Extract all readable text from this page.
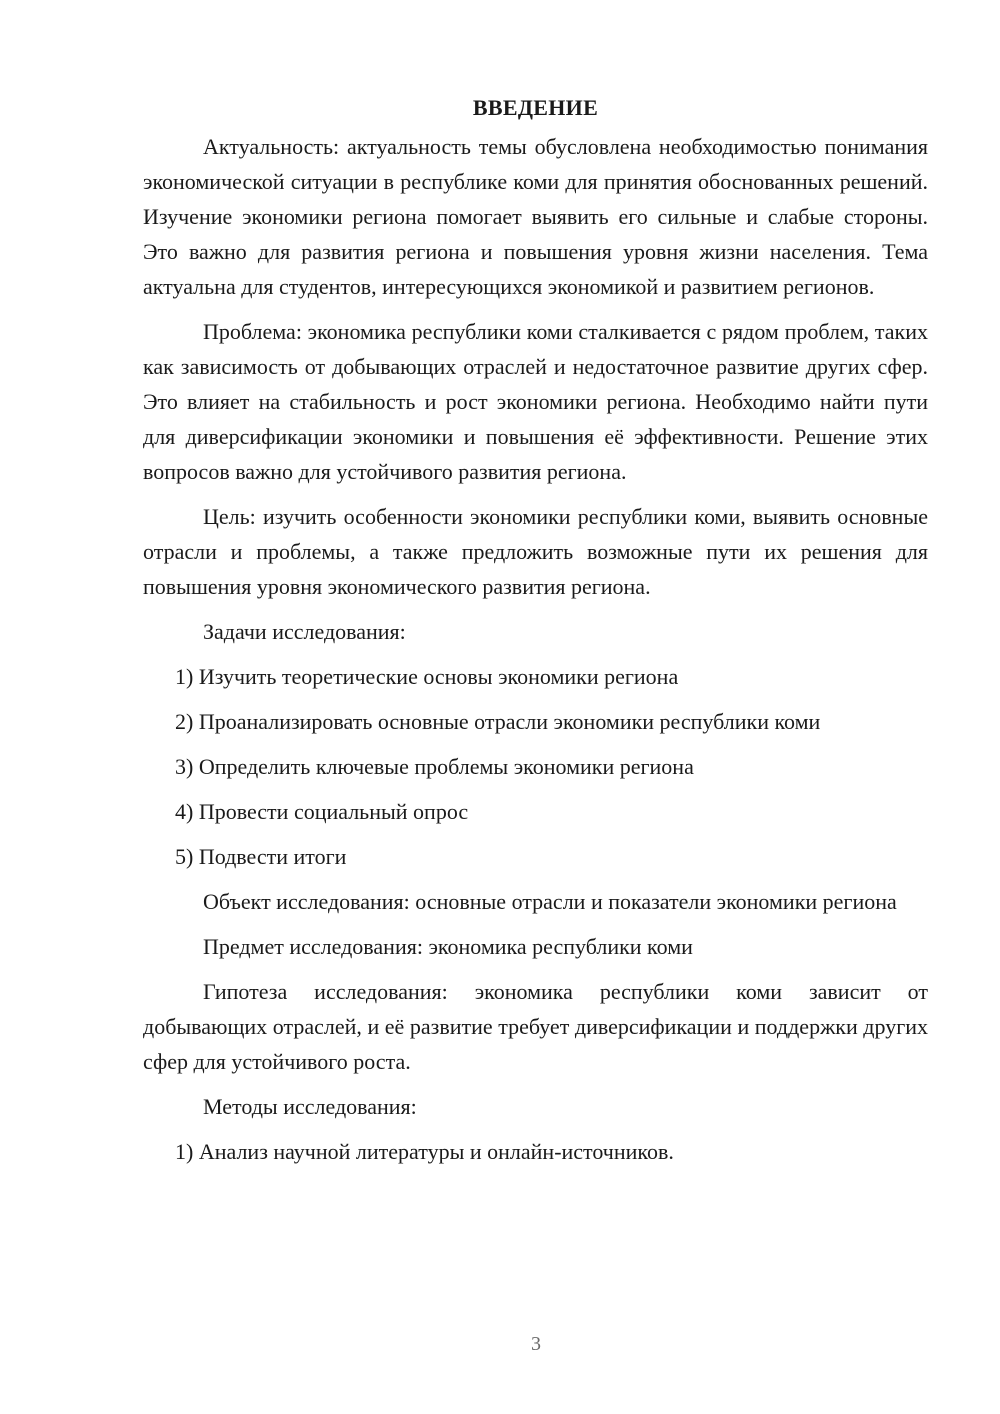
ВВЕДЕНИЕ
Актуальность: актуальность темы обусловлена необходимостью понимания экономической ситуации в республике коми для принятия обоснованных решений. Изучение экономики региона помогает выявить его сильные и слабые стороны. Это важно для развития региона и повышения уровня жизни населения. Тема актуальна для студентов, интересующихся экономикой и развитием регионов.
Проблема: экономика республики коми сталкивается с рядом проблем, таких как зависимость от добывающих отраслей и недостаточное развитие других сфер. Это влияет на стабильность и рост экономики региона. Необходимо найти пути для диверсификации экономики и повышения её эффективности. Решение этих вопросов важно для устойчивого развития региона.
Цель: изучить особенности экономики республики коми, выявить основные отрасли и проблемы, а также предложить возможные пути их решения для повышения уровня экономического развития региона.
Задачи исследования:
1) Изучить теоретические основы экономики региона
2) Проанализировать основные отрасли экономики республики коми
3) Определить ключевые проблемы экономики региона
4) Провести социальный опрос
5) Подвести итоги
Объект исследования: основные отрасли и показатели экономики региона
Предмет исследования: экономика республики коми
Гипотеза исследования: экономика республики коми зависит от добывающих отраслей, и её развитие требует диверсификации и поддержки других сфер для устойчивого роста.
Методы исследования:
1) Анализ научной литературы и онлайн-источников.
3
